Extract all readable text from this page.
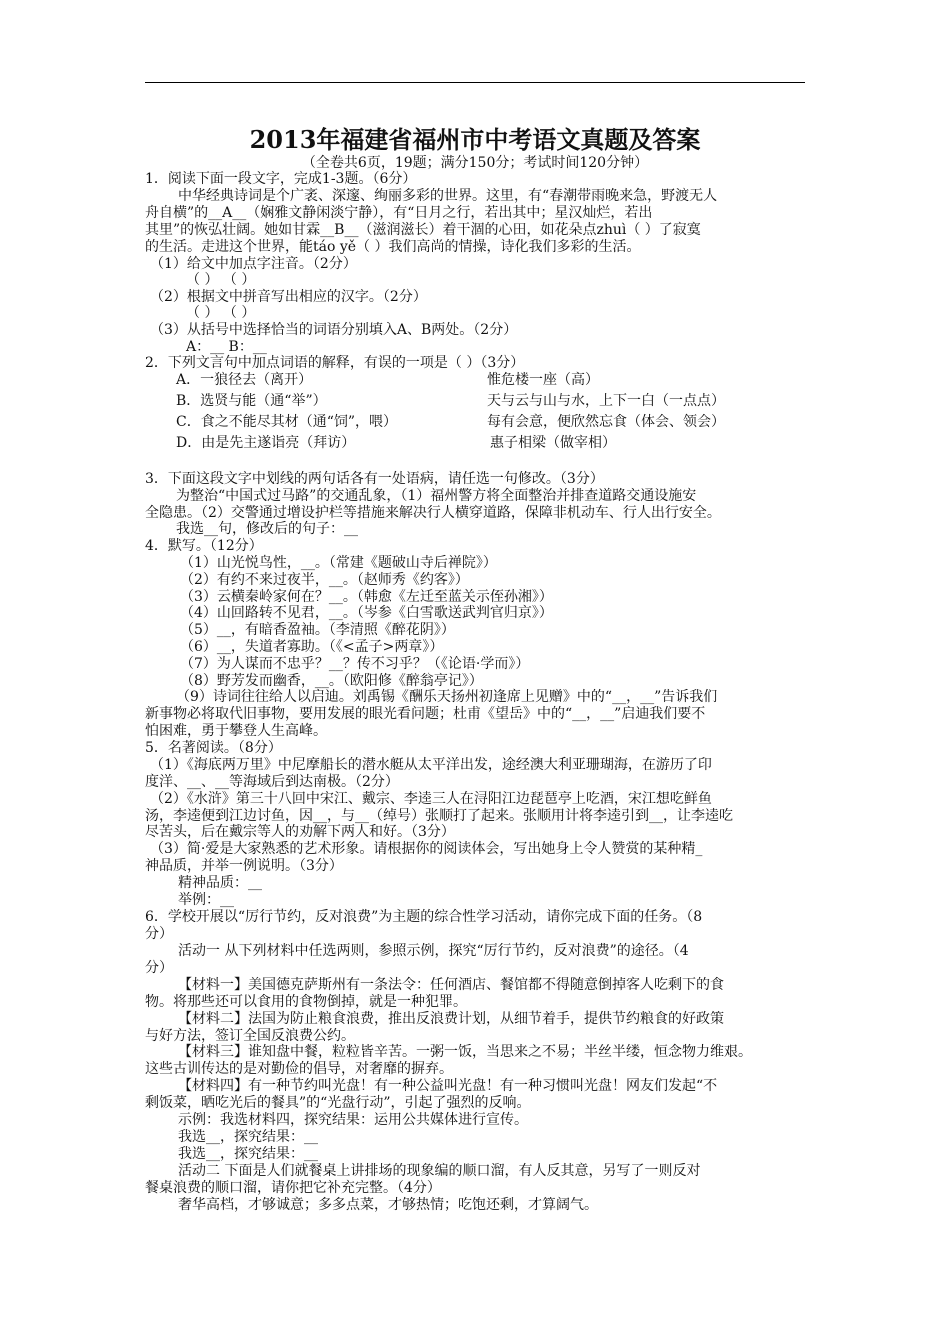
2013年福建省福州市中考语文真题及答案
（全卷共6页，19题；满分150分；考试时间120分钟）
1．阅读下面一段文字，完成1-3题。（6分）
中华经典诗词是个广袤、深邃、绚丽多彩的世界。这里，有“春潮带雨晚来急，野渡无人
舟自横”的__A__（娴雅文静闲淡宁静），有“日月之行，若出其中；星汉灿烂，若出
其里”的恢弘壮阔。她如甘霖__B__（滋润滋长）着干涸的心田，如花朵点zhuì（ ）了寂寞
的生活。走进这个世界，能táo yě（ ）我们高尚的情操，诗化我们多彩的生活。
（1）给文中加点字注音。（2分）
（ ） （ ）
（2）根据文中拼音写出相应的汉字。（2分）
（ ） （ ）
（3）从括号中选择恰当的词语分别填入A、B两处。（2分）
A：__ B：__
2．下列文言句中加点词语的解释，有误的一项是（ ）（3分）
A．一狼径去（离开）	惟危楼一座（高）
B．选贤与能（通“举”）	天与云与山与水，上下一白（一点点）
C．食之不能尽其材（通“饲”，喂）	每有会意，便欣然忘食（体会、领会）
D．由是先主遂诣亮（拜访）	惠子相梁（做宰相）
3．下面这段文字中划线的两句话各有一处语病，请任选一句修改。（3分）
为整治“中国式过马路”的交通乱象，（1）福州警方将全面整治并排查道路交通设施安
全隐患。（2）交警通过增设护栏等措施来解决行人横穿道路，保障非机动车、行人出行安全。
我选__句，修改后的句子：__
4．默写。（12分）
（1）山光悦鸟性，__。（常建《题破山寺后禅院》）
（2）有约不来过夜半，__。（赵师秀《约客》）
（3）云横秦岭家何在？__。（韩愈《左迁至蓝关示侄孙湘》）
（4）山回路转不见君，__。（岑参《白雪歌送武判官归京》）
（5）__，有暗香盈袖。（李清照《醉花阴》）
（6）__，失道者寡助。（《<孟子>两章》）
（7）为人谋而不忠乎？__？传不习乎？（《论语·学而》）
（8）野芳发而幽香，__。（欧阳修《醉翁亭记》）
（9）诗词往往给人以启迪。刘禹锡《酬乐天扬州初逢席上见赠》中的“__，__”告诉我们
新事物必将取代旧事物，要用发展的眼光看问题；杜甫《望岳》中的“__，__”启迪我们要不
怕困难，勇于攀登人生高峰。
5．名著阅读。（8分）
（1）《海底两万里》中尼摩船长的潜水艇从太平洋出发，途经澳大利亚珊瑚海，在游历了印
度洋、__、__等海域后到达南极。（2分）
（2）《水浒》第三十八回中宋江、戴宗、李逵三人在浔阳江边琵琶亭上吃酒，宋江想吃鲜鱼
汤，李逵便到江边讨鱼，因__，与__（绰号）张顺打了起来。张顺用计将李逵引到__，让李逵吃
尽苦头，后在戴宗等人的劝解下两人和好。（3分）
（3）简·爱是大家熟悉的艺术形象。请根据你的阅读体会，写出她身上令人赞赏的某种精_
神品质，并举一例说明。（3分）
精神品质：__
举例：__
6．学校开展以“厉行节约，反对浪费”为主题的综合性学习活动，请你完成下面的任务。（8
分）
活动一 从下列材料中任选两则，参照示例，探究“厉行节约，反对浪费”的途径。（4
分）
【材料一】美国德克萨斯州有一条法令：任何酒店、餐馆都不得随意倒掉客人吃剩下的食
物。将那些还可以食用的食物倒掉，就是一种犯罪。
【材料二】法国为防止粮食浪费，推出反浪费计划，从细节着手，提供节约粮食的好政策
与好方法，签订全国反浪费公约。
【材料三】谁知盘中餐，粒粒皆辛苦。一粥一饭，当思来之不易；半丝半缕，恒念物力维艰。
这些古训传达的是对勤俭的倡导，对奢靡的摒弃。
【材料四】有一种节约叫光盘！有一种公益叫光盘！有一种习惯叫光盘！网友们发起“不
剩饭菜，晒吃光后的餐具”的“光盘行动”，引起了强烈的反响。
示例：我选材料四，探究结果：运用公共媒体进行宣传。
我选__，探究结果：__
我选__，探究结果：__
活动二 下面是人们就餐桌上讲排场的现象编的顺口溜，有人反其意，另写了一则反对
餐桌浪费的顺口溜，请你把它补充完整。（4分）
奢华高档，才够诚意；多多点菜，才够热情；吃饱还剩，才算阔气。
